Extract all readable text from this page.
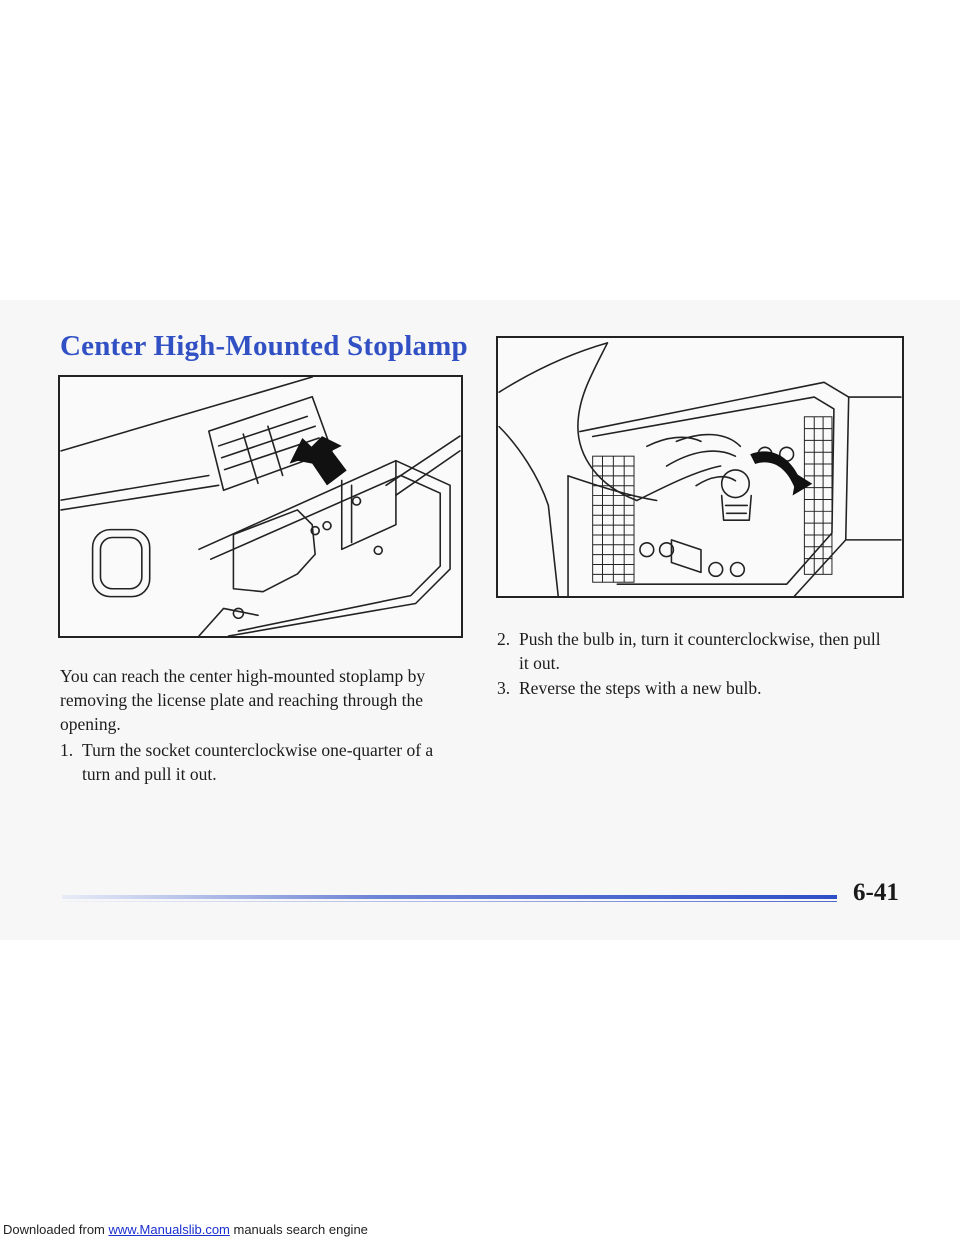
Center High-Mounted Stoplamp

You can reach the center high-mounted stoplamp by removing the license plate and reaching through the opening.

1. Turn the socket counterclockwise one-quarter of a
turn and pull it out.
2. Push the bulb in, turn it counterclockwise, then pull
it out.
3. Reverse the steps with a new bulb.
6-41
Downloaded from www.Manualslib.com manuals search engine
